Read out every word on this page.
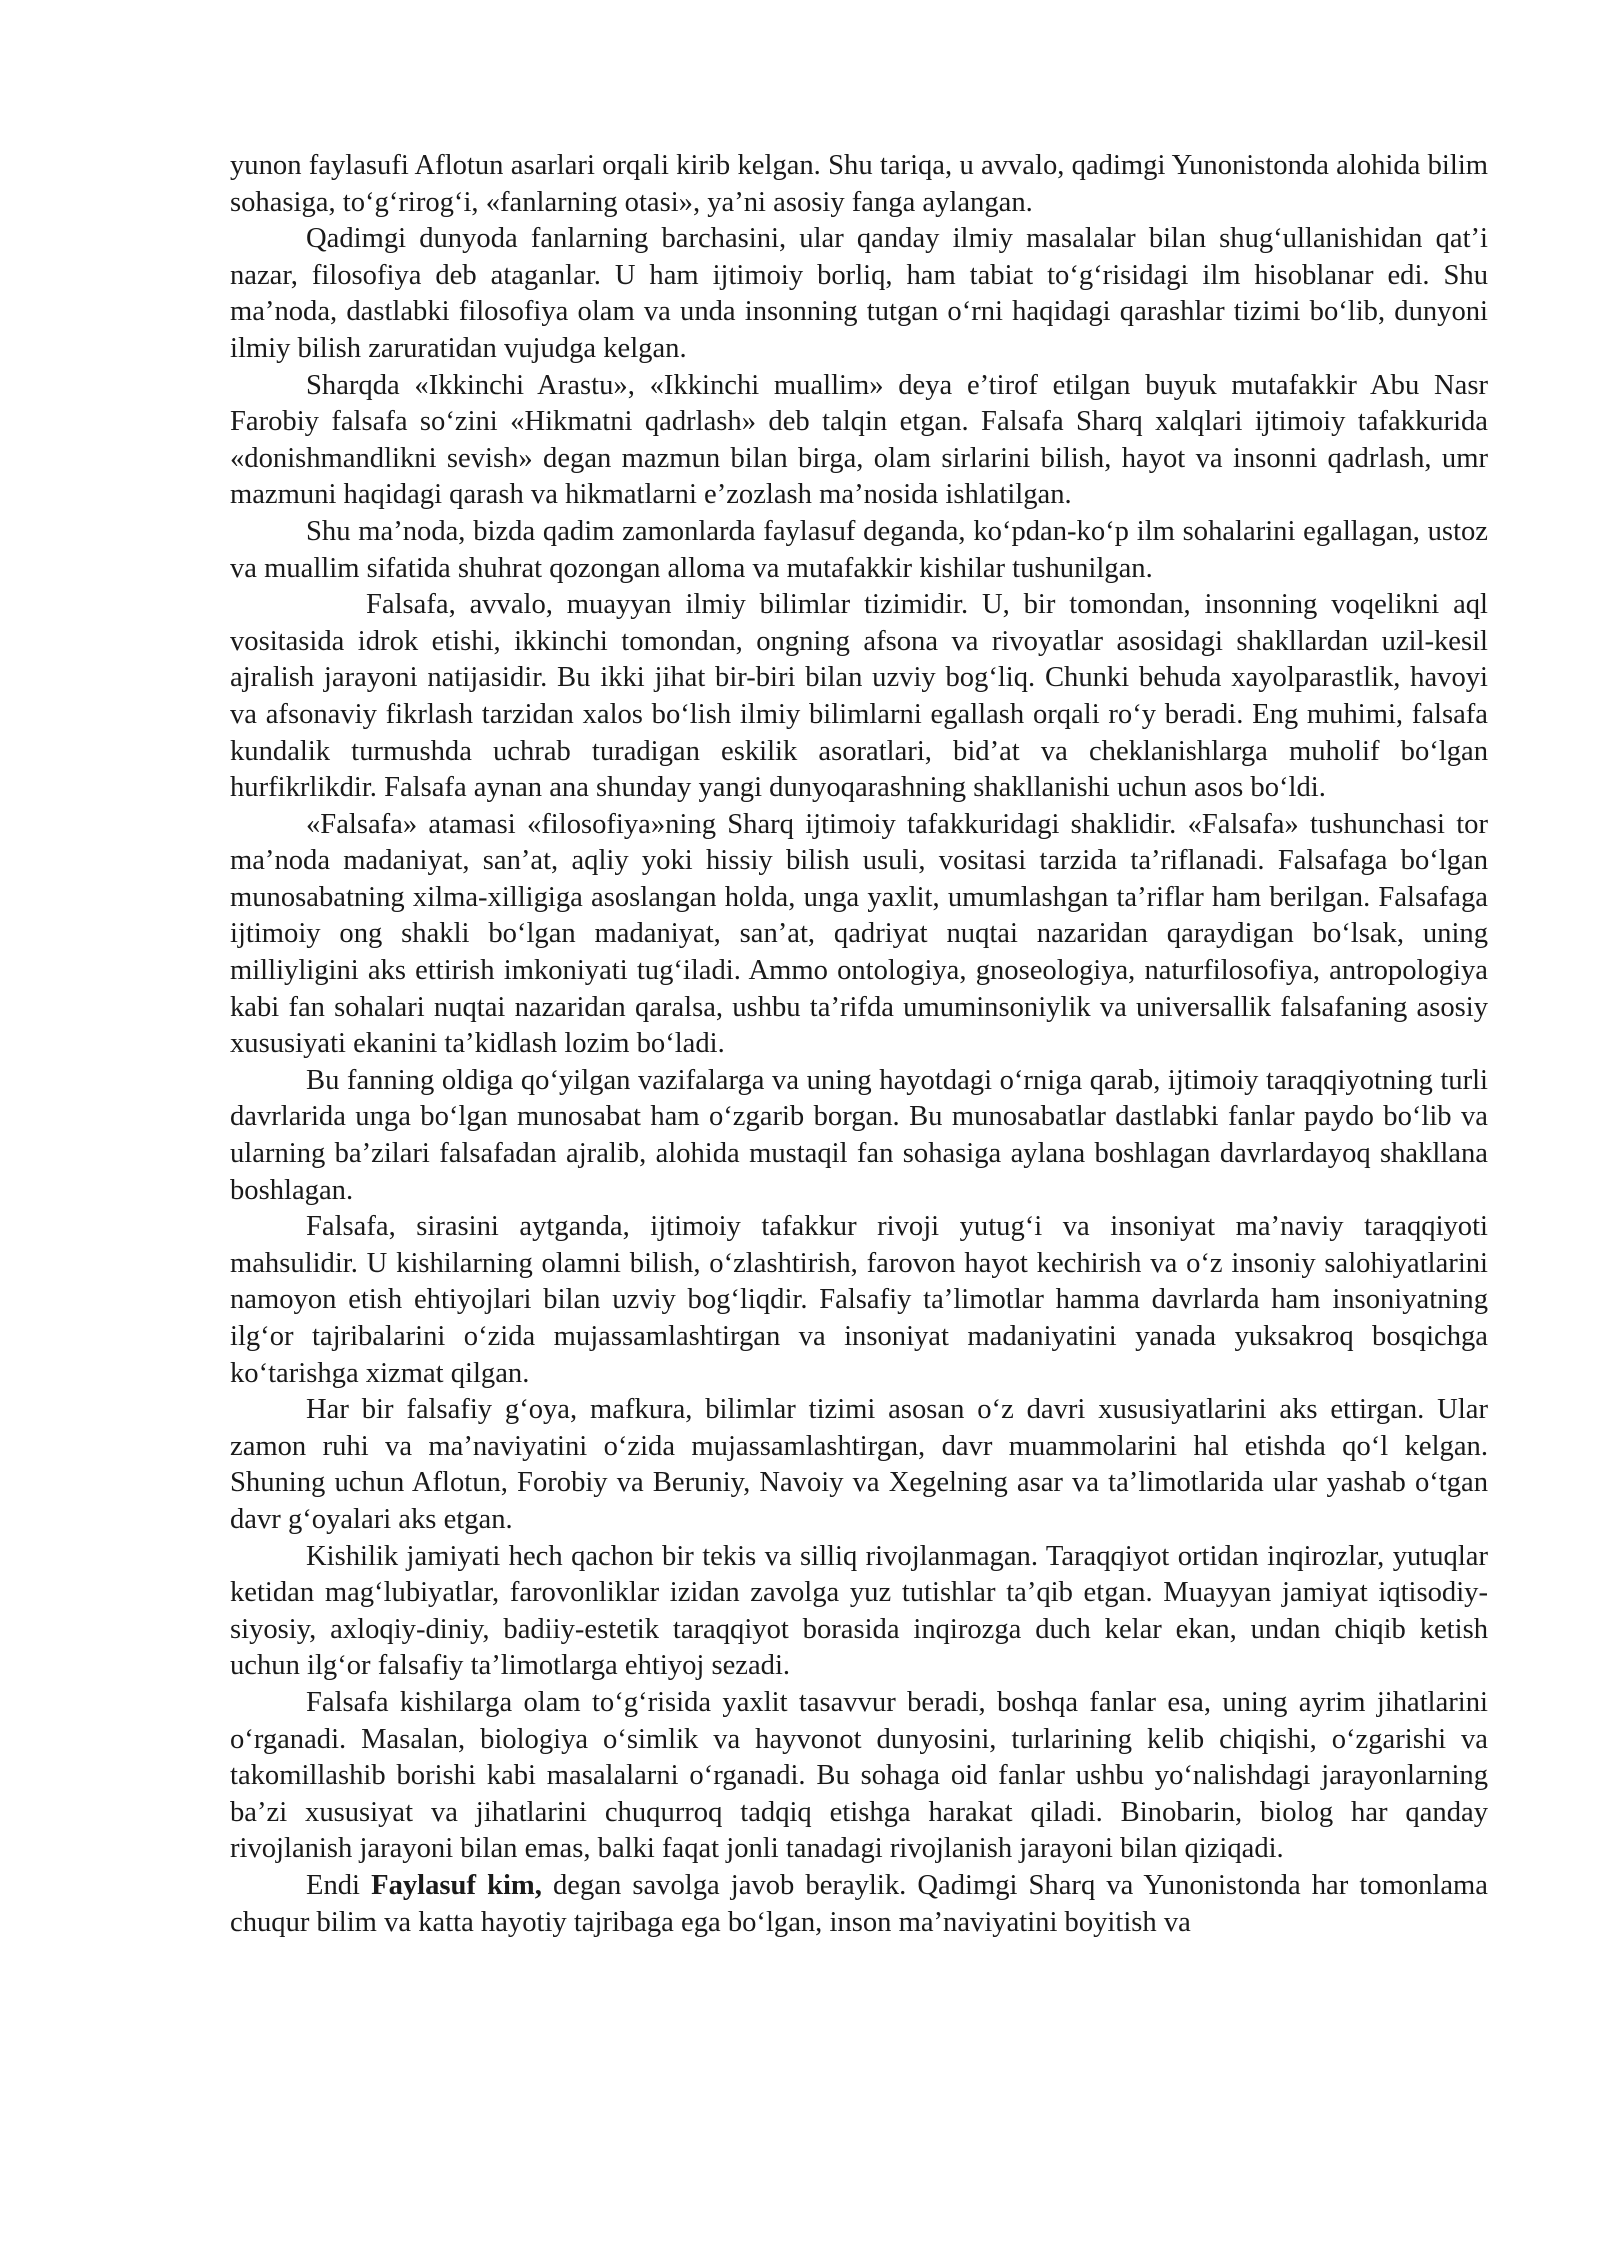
yunon faylasufi Aflotun asarlari orqali kirib kelgan. Shu tariqa, u avvalo, qadimgi Yunonistonda alohida bilim sohasiga, to‘g‘rirog‘i, «fanlarning otasi», ya’ni asosiy fanga aylangan.

Qadimgi dunyoda fanlarning barchasini, ular qanday ilmiy masalalar bilan shug‘ullanishidan qat’i nazar, filosofiya deb ataganlar. U ham ijtimoiy borliq, ham tabiat to‘g‘risidagi ilm hisoblanar edi. Shu ma’noda, dastlabki filosofiya olam va unda insonning tutgan o‘rni haqidagi qarashlar tizimi bo‘lib, dunyoni ilmiy bilish zaruratidan vujudga kelgan.

Sharqda «Ikkinchi Arastu», «Ikkinchi muallim» deya e’tirof etilgan buyuk mutafakkir Abu Nasr Farobiy falsafa so‘zini «Hikmatni qadrlash» deb talqin etgan. Falsafa Sharq xalqlari ijtimoiy tafakkurida «donishmandlikni sevish» degan mazmun bilan birga, olam sirlarini bilish, hayot va insonni qadrlash, umr mazmuni haqidagi qarash va hikmatlarni e’zozlash ma’nosida ishlatilgan.

Shu ma’noda, bizda qadim zamonlarda faylasuf deganda, ko‘pdan-ko‘p ilm sohalarini egallagan, ustoz va muallim sifatida shuhrat qozongan alloma va mutafakkir kishilar tushunilgan.

Falsafa, avvalo, muayyan ilmiy bilimlar tizimidir. U, bir tomondan, insonning voqelikni aql vositasida idrok etishi, ikkinchi tomondan, ongning afsona va rivoyatlar asosidagi shakllardan uzil-kesil ajralish jarayoni natijasidir. Bu ikki jihat bir-biri bilan uzviy bog‘liq. Chunki behuda xayolparastlik, havoyi va afsonaviy fikrlash tarzidan xalos bo‘lish ilmiy bilimlarni egallash orqali ro‘y beradi. Eng muhimi, falsafa kundalik turmushda uchrab turadigan eskilik asoratlari, bid’at va cheklanishlarga muholif bo‘lgan hurfikrlikdir. Falsafa aynan ana shunday yangi dunyoqarashning shakllanishi uchun asos bo‘ldi.

«Falsafa» atamasi «filosofiya»ning Sharq ijtimoiy tafakkuridagi shaklidir. «Falsafa» tushunchasi tor ma’noda madaniyat, san’at, aqliy yoki hissiy bilish usuli, vositasi tarzida ta’riflanadi. Falsafaga bo‘lgan munosabatning xilma-xilligiga asoslangan holda, unga yaxlit, umumlashgan ta’riflar ham berilgan. Falsafaga ijtimoiy ong shakli bo‘lgan madaniyat, san’at, qadriyat nuqtai nazaridan qaraydigan bo‘lsak, uning milliyligini aks ettirish imkoniyati tug‘iladi. Ammo ontologiya, gnoseologiya, naturfilosofiya, antropologiya kabi fan sohalari nuqtai nazaridan qaralsa, ushbu ta’rifda umuminsoniylik va universallik falsafaning asosiy xususiyati ekanini ta’kidlash lozim bo‘ladi.

Bu fanning oldiga qo‘yilgan vazifalarga va uning hayotdagi o‘rniga qarab, ijtimoiy taraqqiyotning turli davrlarida unga bo‘lgan munosabat ham o‘zgarib borgan. Bu munosabatlar dastlabki fanlar paydo bo‘lib va ularning ba’zilari falsafadan ajralib, alohida mustaqil fan sohasiga aylana boshlagan davrlardayoq shakllana boshlagan.

Falsafa, sirasini aytganda, ijtimoiy tafakkur rivoji yutug‘i va insoniyat ma’naviy taraqqiyoti mahsulidir. U kishilarning olamni bilish, o‘zlashtirish, farovon hayot kechirish va o‘z insoniy salohiyatlarini namoyon etish ehtiyojlari bilan uzviy bog‘liqdir. Falsafiy ta’limotlar hamma davrlarda ham insoniyatning ilg‘or tajribalarini o‘zida mujassamlashtirgan va insoniyat madaniyatini yanada yuksakroq bosqichga ko‘tarishga xizmat qilgan.

Har bir falsafiy g‘oya, mafkura, bilimlar tizimi asosan o‘z davri xususiyatlarini aks ettirgan. Ular zamon ruhi va ma’naviyatini o‘zida mujassamlashtirgan, davr muammolarini hal etishda qo‘l kelgan. Shuning uchun Aflotun, Forobiy va Beruniy, Navoiy va Xegelning asar va ta’limotlarida ular yashab o‘tgan davr g‘oyalari aks etgan.

Kishilik jamiyati hech qachon bir tekis va silliq rivojlanmagan. Taraqqiyot ortidan inqirozlar, yutuqlar ketidan mag‘lubiyatlar, farovonliklar izidan zavolga yuz tutishlar ta’qib etgan. Muayyan jamiyat iqtisodiy-siyosiy, axloqiy-diniy, badiiy-estetik taraqqiyot borasida inqirozga duch kelar ekan, undan chiqib ketish uchun ilg‘or falsafiy ta’limotlarga ehtiyoj sezadi.

Falsafa kishilarga olam to‘g‘risida yaxlit tasavvur beradi, boshqa fanlar esa, uning ayrim jihatlarini o‘rganadi. Masalan, biologiya o‘simlik va hayvonot dunyosini, turlarining kelib chiqishi, o‘zgarishi va takomillashib borishi kabi masalalarni o‘rganadi. Bu sohaga oid fanlar ushbu yo‘nalishdagi jarayonlarning ba’zi xususiyat va jihatlarini chuqurroq tadqiq etishga harakat qiladi. Binobarin, biolog har qanday rivojlanish jarayoni bilan emas, balki faqat jonli tanadagi rivojlanish jarayoni bilan qiziqadi.

Endi Faylasuf kim, degan savolga javob beraylik. Qadimgi Sharq va Yunonistonda har tomonlama chuqur bilim va katta hayotiy tajribaga ega bo‘lgan, inson ma’naviyatini boyitish va
